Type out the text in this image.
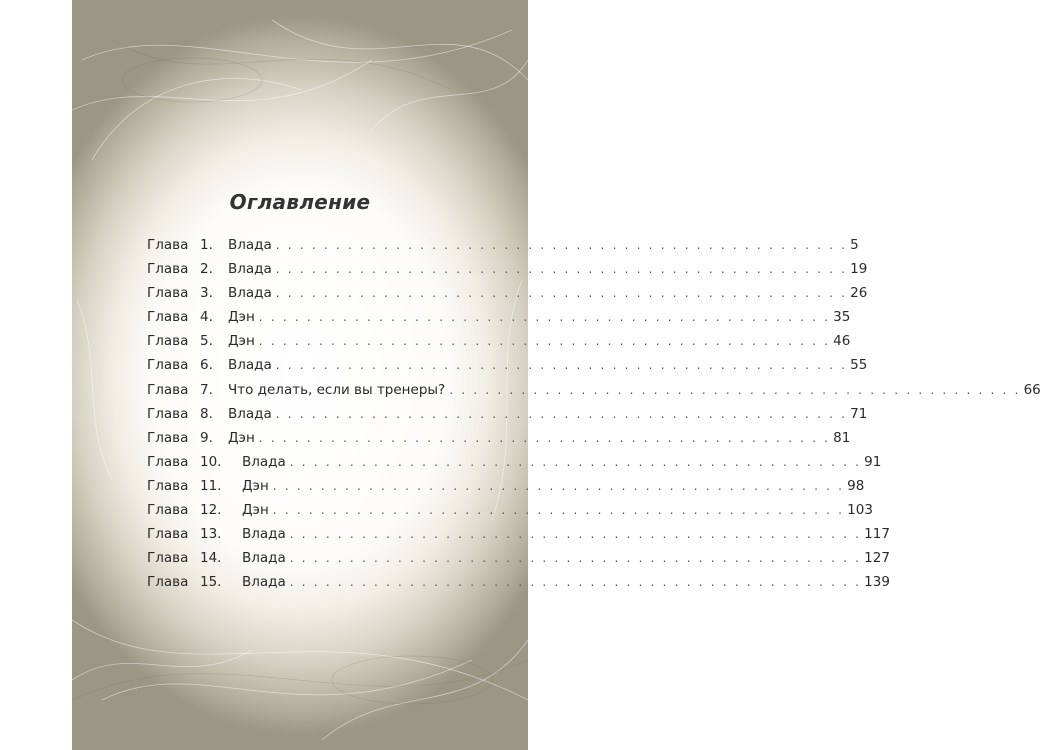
Оглавление
Глава 1.	Влада . . .	5
Глава 2.	Влада . . .	19
Глава 3.	Влада . . .	26
Глава 4.	Дэн . . .	35
Глава 5.	Дэн . . .	46
Глава 6.	Влада . . .	55
Глава 7.	Что делать, если вы тренеры? . . .	66
Глава 8.	Влада . . .	71
Глава 9.	Дэн . . .	81
Глава 10.	Влада . . .	91
Глава 11.	Дэн . . .	98
Глава 12.	Дэн . . .	103
Глава 13.	Влада . . .	117
Глава 14.	Влада . . .	127
Глава 15.	Влада . . .	139
